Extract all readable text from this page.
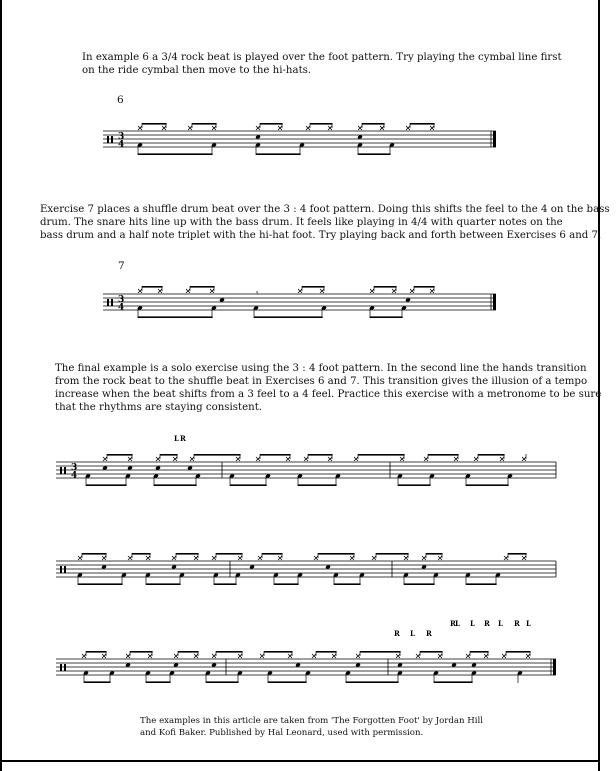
In example 6 a 3/4 rock beat is played over the foot pattern. Try playing the cymbal line first

on the ride cymbal then move to the hi-hats.

6

Exercise 7 places a shuffle drum beat over the 3 : 4 foot pattern. Doing this shifts the feel to the 4 on the bass

drum. The snare hits line up with the bass drum. It feels like playing in 4/4 with quarter notes on the

bass drum and a half note triplet with the hi-hat foot. Try playing back and forth between Exercises 6 and 7.

7

The final example is a solo exercise using the 3 : 4 foot pattern. In the second line the hands transition

from the rock beat to the shuffle beat in Exercises 6 and 7. This transition gives the illusion of a tempo

increase when the beat shifts from a 3 feel to a 4 feel. Practice this exercise with a metronome to be sure

that the rhythms are staying consistent.

The examples in this article are taken from 'The Forgotten Foot' by Jordan Hill

and Kofi Baker. Published by Hal Leonard, used with permission.

3
4
3
4
𝄾
3
4
L R
R L R
R L L R L R L
